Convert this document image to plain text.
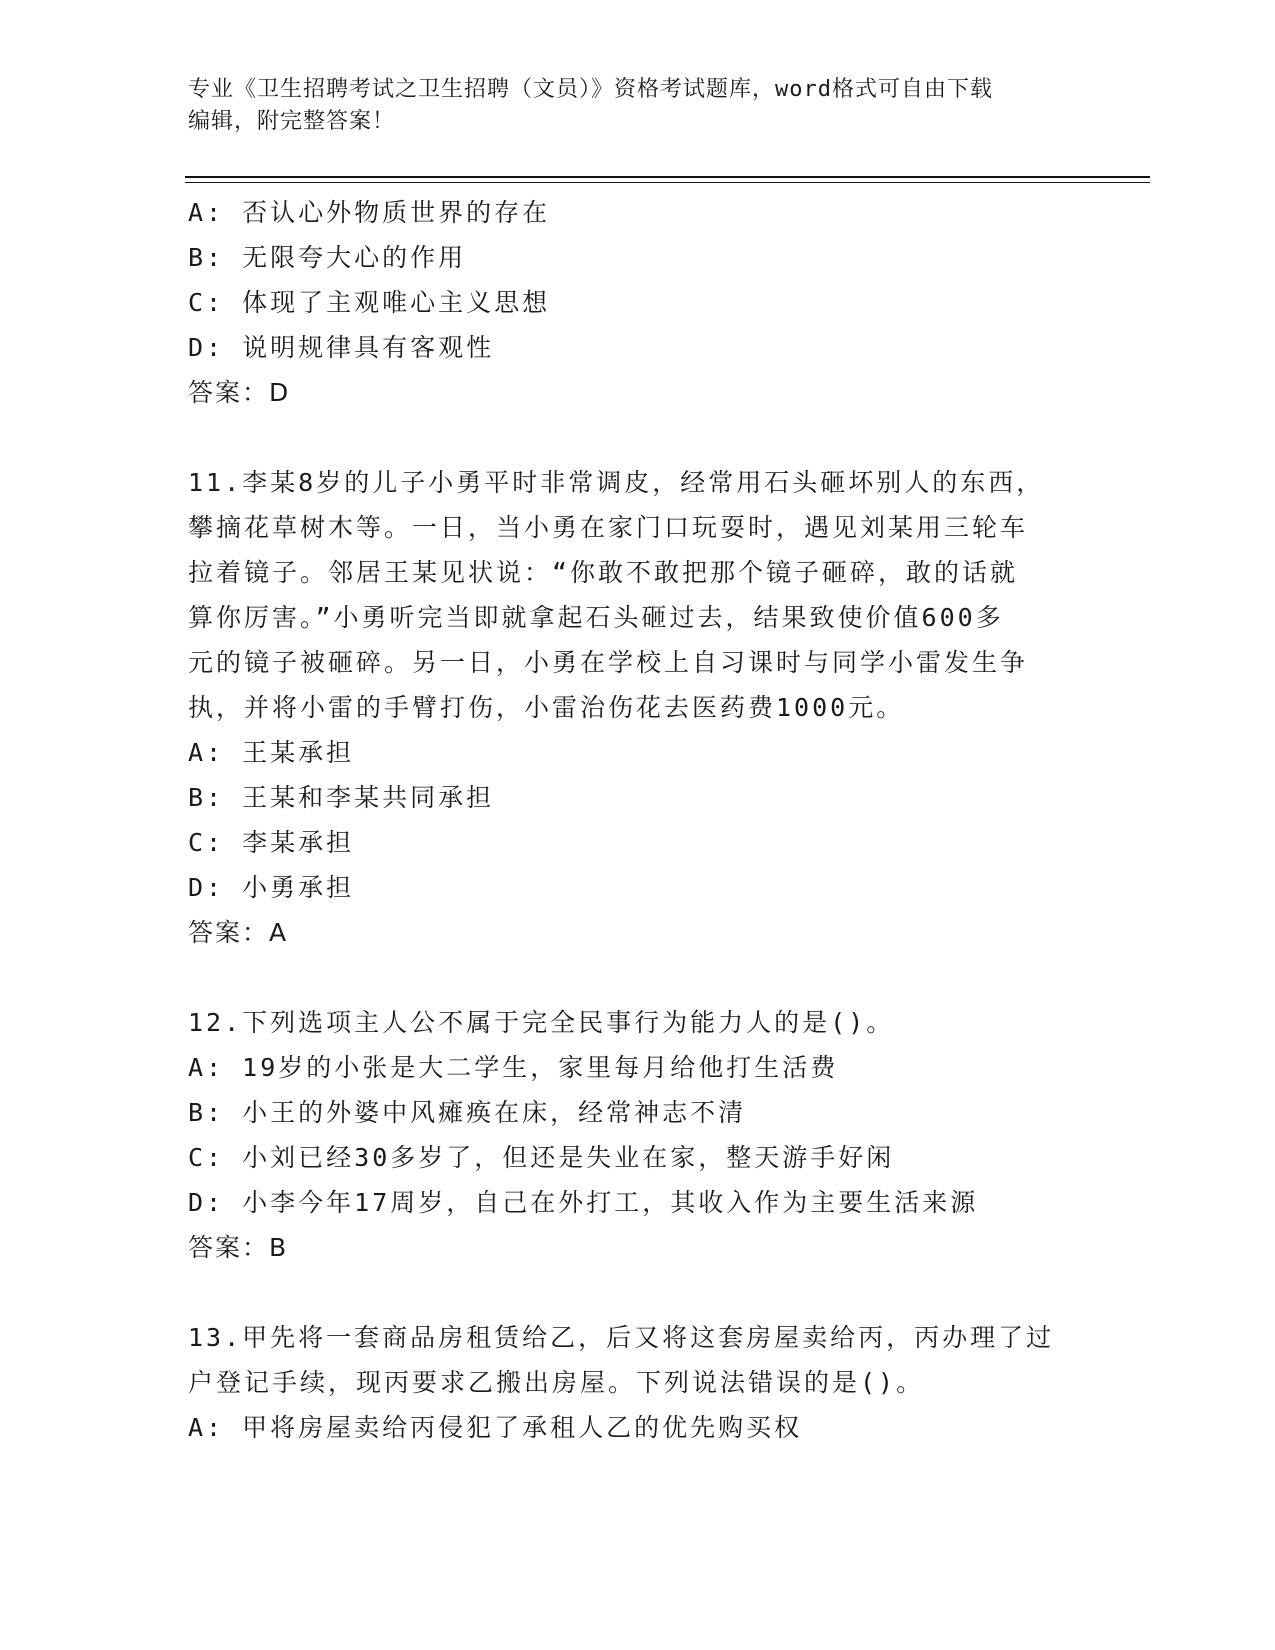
专业《卫生招聘考试之卫生招聘（文员）》资格考试题库，word格式可自由下载
编辑，附完整答案！
A: 否认心外物质世界的存在
B: 无限夸大心的作用
C: 体现了主观唯心主义思想
D: 说明规律具有客观性
答案：D
11.李某8岁的儿子小勇平时非常调皮，经常用石头砸坏别人的东西，
攀摘花草树木等。一日，当小勇在家门口玩耍时，遇见刘某用三轮车
拉着镜子。邻居王某见状说：“你敢不敢把那个镜子砸碎，敢的话就
算你厉害。”小勇听完当即就拿起石头砸过去，结果致使价值600多
元的镜子被砸碎。另一日，小勇在学校上自习课时与同学小雷发生争
执，并将小雷的手臂打伤，小雷治伤花去医药费1000元。
A: 王某承担
B: 王某和李某共同承担
C: 李某承担
D: 小勇承担
答案：A
12.下列选项主人公不属于完全民事行为能力人的是()。
A: 19岁的小张是大二学生，家里每月给他打生活费
B: 小王的外婆中风瘫痪在床，经常神志不清
C: 小刘已经30多岁了，但还是失业在家，整天游手好闲
D: 小李今年17周岁，自己在外打工，其收入作为主要生活来源
答案：B
13.甲先将一套商品房租赁给乙，后又将这套房屋卖给丙，丙办理了过
户登记手续，现丙要求乙搬出房屋。下列说法错误的是()。
A: 甲将房屋卖给丙侵犯了承租人乙的优先购买权
